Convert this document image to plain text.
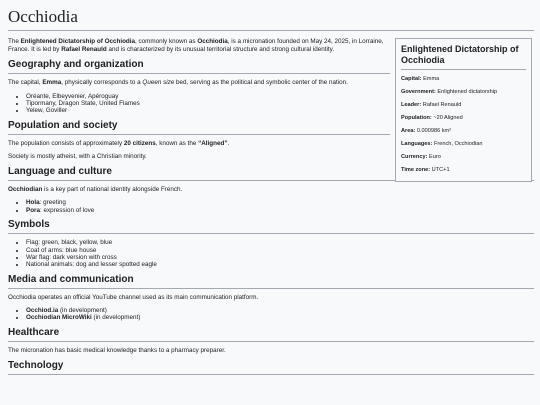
Occhiodia

The Enlightened Dictatorship of Occhiodia, commonly known as Occhiodia, is a micronation founded on May 24, 2025, in Lorraine, France. It is led by Rafael Renauld and is characterized by its unusual territorial structure and strong cultural identity.

Geography and organization

The capital, Emma, physically corresponds to a Queen size bed, serving as the political and symbolic center of the nation.

• Oréante, Elbeyvenier, Apéroguay
• Tipormany, Dragon State, United Flames
• Yelew, Goviller
Population and society

The population consists of approximately 20 citizens, known as the “Aligned”.

Society is mostly atheist, with a Christian minority.

Language and culture

Occhiodian is a key part of national identity alongside French.

• Hola: greeting
• Pora: expression of love
Symbols
• Flag: green, black, yellow, blue
• Coat of arms: blue house
• War flag: dark version with cross
• National animals: dog and lesser spotted eagle
Media and communication

Occhiodia operates an official YouTube channel used as its main communication platform.

• Occhiod.ia (in development)
• Occhiodian MicroWiki (in development)
Healthcare

The micronation has basic medical knowledge thanks to a pharmacy preparer.

Technology
Enlightened Dictatorship of Occhiodia
Capital: Emma
Government: Enlightened dictatorship
Leader: Rafael Renauld
Population: ~20 Aligned
Area: 0.000986 km²
Languages: French, Occhiodian
Currency: Euro
Time zone: UTC+1
